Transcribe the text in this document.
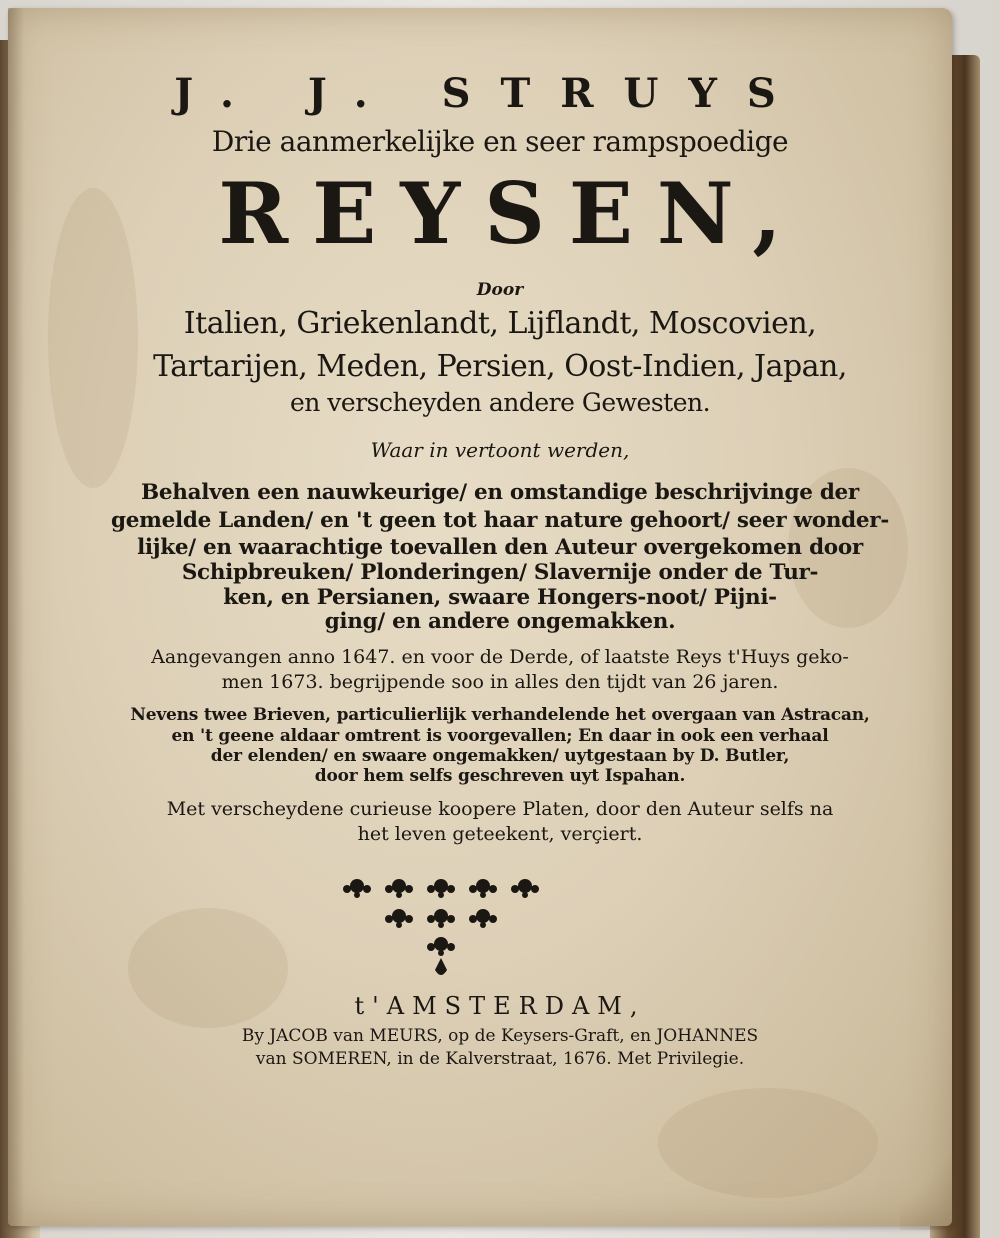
J. J. STRUYS
Drie aanmerkelijke en seer rampspoedige
REYSEN,
Door
Italien, Griekenlandt, Lijflandt, Moscovien,
Tartarijen, Meden, Persien, Oost-Indien, Japan,
en verscheyden andere Gewesten.
Waar in vertoont werden,
Behalven een nauwkeurige/ en omstandige beschrijvinge der
gemelde Landen/ en 't geen tot haar nature gehoort/ seer wonder-
lijke/ en waarachtige toevallen den Auteur overgekomen door
Schipbreuken/ Plonderingen/ Slavernije onder de Tur-
ken, en Persianen, swaare Hongers-noot/ Pijni-
ging/ en andere ongemakken.
Aangevangen anno 1647. en voor de Derde, of laatste Reys t'Huys geko-
men 1673. begrijpende soo in alles den tijdt van 26 jaren.
Nevens twee Brieven, particulierlijk verhandelende het overgaan van Astracan,
en 't geene aldaar omtrent is voorgevallen; En daar in ook een verhaal
der elenden/ en swaare ongemakken/ uytgestaan by D. Butler,
door hem selfs geschreven uyt Ispahan.
Met verscheydene curieuse koopere Platen, door den Auteur selfs na
het leven geteekent, verçiert.
t'AMSTERDAM,
By JACOB van MEURS, op de Keysers-Graft, en JOHANNES
van SOMEREN, in de Kalverstraat, 1676. Met Privilegie.
